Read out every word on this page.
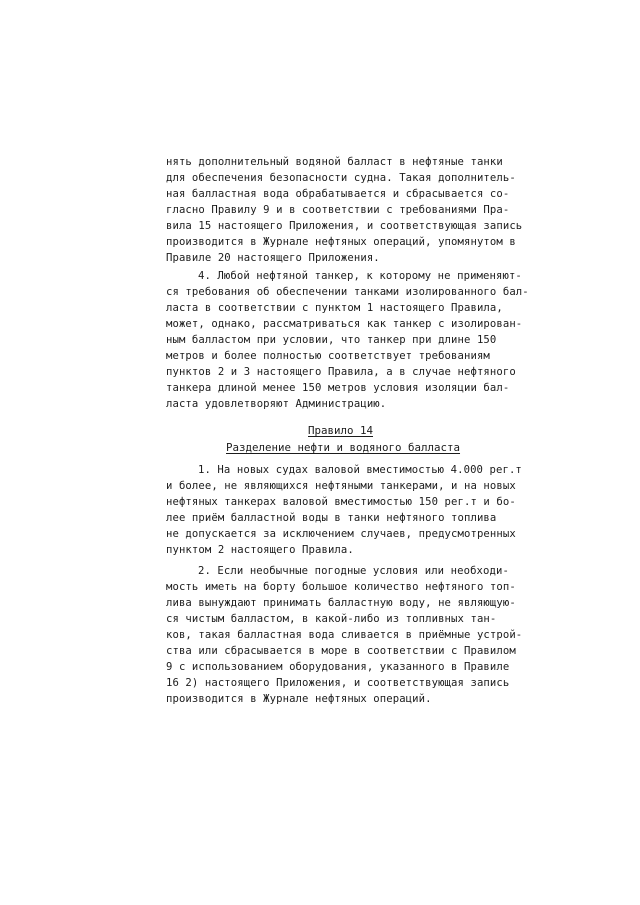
нять дополнительный водяной балласт в нефтяные танки
для обеспечения безопасности судна. Такая дополнитель-
ная балластная вода обрабатывается и сбрасывается со-
гласно Правилу 9 и в соответствии с требованиями Пра-
вила 15 настоящего Приложения, и соответствующая запись
производится в Журнале нефтяных операций, упомянутом в
Правиле 20 настоящего Приложения.
4. Любой нефтяной танкер, к которому не применяют-
ся требования об обеспечении танками изолированного бал-
ласта в соответствии с пунктом 1 настоящего Правила,
может, однако, рассматриваться как танкер с изолирован-
ным балластом при условии, что танкер при длине 150
метров и более полностью соответствует требованиям
пунктов 2 и 3 настоящего Правила, а в случае нефтяного
танкера длиной менее 150 метров условия изоляции бал-
ласта удовлетворяют Администрацию.
Правило 14
Разделение нефти и водяного балласта
1. На новых судах валовой вместимостью 4.000 рег.т
и более, не являющихся нефтяными танкерами, и на новых
нефтяных танкерах валовой вместимостью 150 рег.т и бо-
лее приём балластной воды в танки нефтяного топлива
не допускается за исключением случаев, предусмотренных
пунктом 2 настоящего Правила.
2. Если необычные погодные условия или необходи-
мость иметь на борту большое количество нефтяного топ-
лива вынуждают принимать балластную воду, не являющую-
ся чистым балластом, в какой-либо из топливных тан-
ков, такая балластная вода сливается в приёмные устрой-
ства или сбрасывается в море в соответствии с Правилом
9 с использованием оборудования, указанного в Правиле
16 2) настоящего Приложения, и соответствующая запись
производится в Журнале нефтяных операций.
